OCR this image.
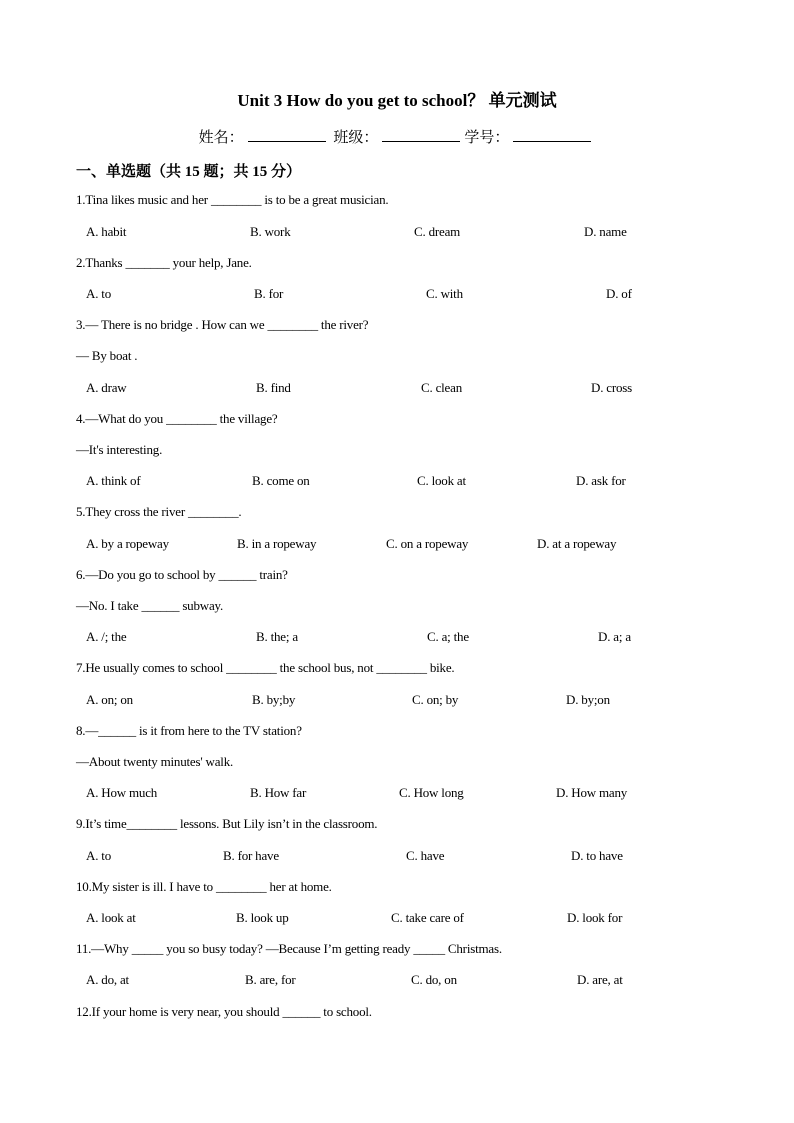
Unit 3 How do you get to school？ 单元测试
姓名：	班级：	学号：
一、单选题（共 15 题；共 15 分）
1.Tina likes music and her ________ is to be a great musician.
A. habit	B. work	C. dream	D. name
2.Thanks _______ your help, Jane.
A. to	B. for	C. with	D. of
3.— There is no bridge . How can we ________ the river?
— By boat .
A. draw	B. find	C. clean	D. cross
4.—What do you ________ the village?
—It's interesting.
A. think of	B. come on	C. look at	D. ask for
5.They cross the river ________.
A. by a ropeway	B. in a ropeway	C. on a ropeway	D. at a ropeway
6.—Do you go to school by ______ train?
—No. I take ______ subway.
A. /; the	B. the; a	C. a; the	D. a; a
7.He usually comes to school ________ the school bus, not ________ bike.
A. on; on	B. by;by	C. on; by	D. by;on
8.—______ is it from here to the TV station?
—About twenty minutes' walk.
A. How much	B. How far	C. How long	D. How many
9.It’s time________ lessons. But Lily isn’t in the classroom.
A. to	B. for have	C. have	D. to have
10.My sister is ill. I have to ________ her at home.
A. look at	B. look up	C. take care of	D. look for
11.—Why _____ you so busy today? —Because I’m getting ready _____ Christmas.
A. do, at	B. are, for	C. do, on	D. are, at
12.If your home is very near, you should ______ to school.
